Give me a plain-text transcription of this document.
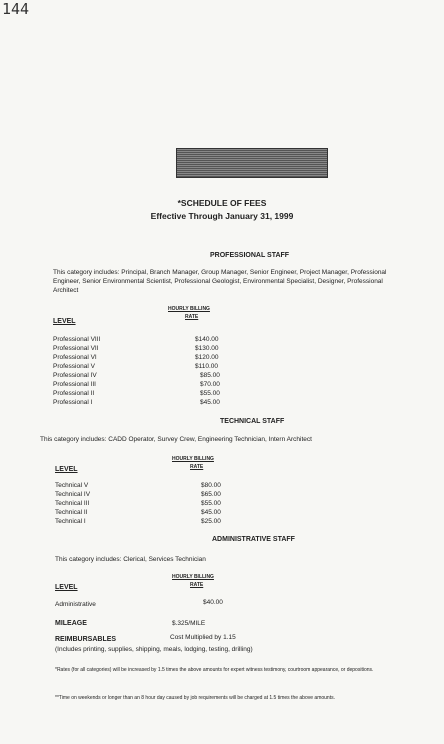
144
*SCHEDULE OF FEES
Effective Through January 31, 1999
PROFESSIONAL STAFF
This category includes: Principal, Branch Manager, Group Manager, Senior Engineer, Project Manager, Professional Engineer, Senior Environmental Scientist, Professional Geologist, Environmental Specialist, Designer, Professional Architect
HOURLY BILLING
RATE
LEVEL
Professional VIII	$140.00
Professional VII	$130.00
Professional VI	$120.00
Professional V	$110.00
Professional IV	$85.00
Professional III	$70.00
Professional II	$55.00
Professional I	$45.00
TECHNICAL STAFF
This category includes: CADD Operator, Survey Crew, Engineering Technician, Intern Architect
HOURLY BILLING
RATE
LEVEL
Technical V	$80.00
Technical IV	$65.00
Technical III	$55.00
Technical II	$45.00
Technical I	$25.00
ADMINISTRATIVE STAFF
This category includes: Clerical, Services Technician
HOURLY BILLING
RATE
LEVEL
Administrative	$40.00
MILEAGE	$.325/MILE
REIMBURSABLES	Cost Multiplied by 1.15
(Includes printing, supplies, shipping, meals, lodging, testing, drilling)
*Rates (for all categories) will be increased by 1.5 times the above amounts for expert witness testimony, courtroom appearance, or depositions.
**Time on weekends or longer than an 8 hour day caused by job requirements will be charged at 1.5 times the above amounts.
